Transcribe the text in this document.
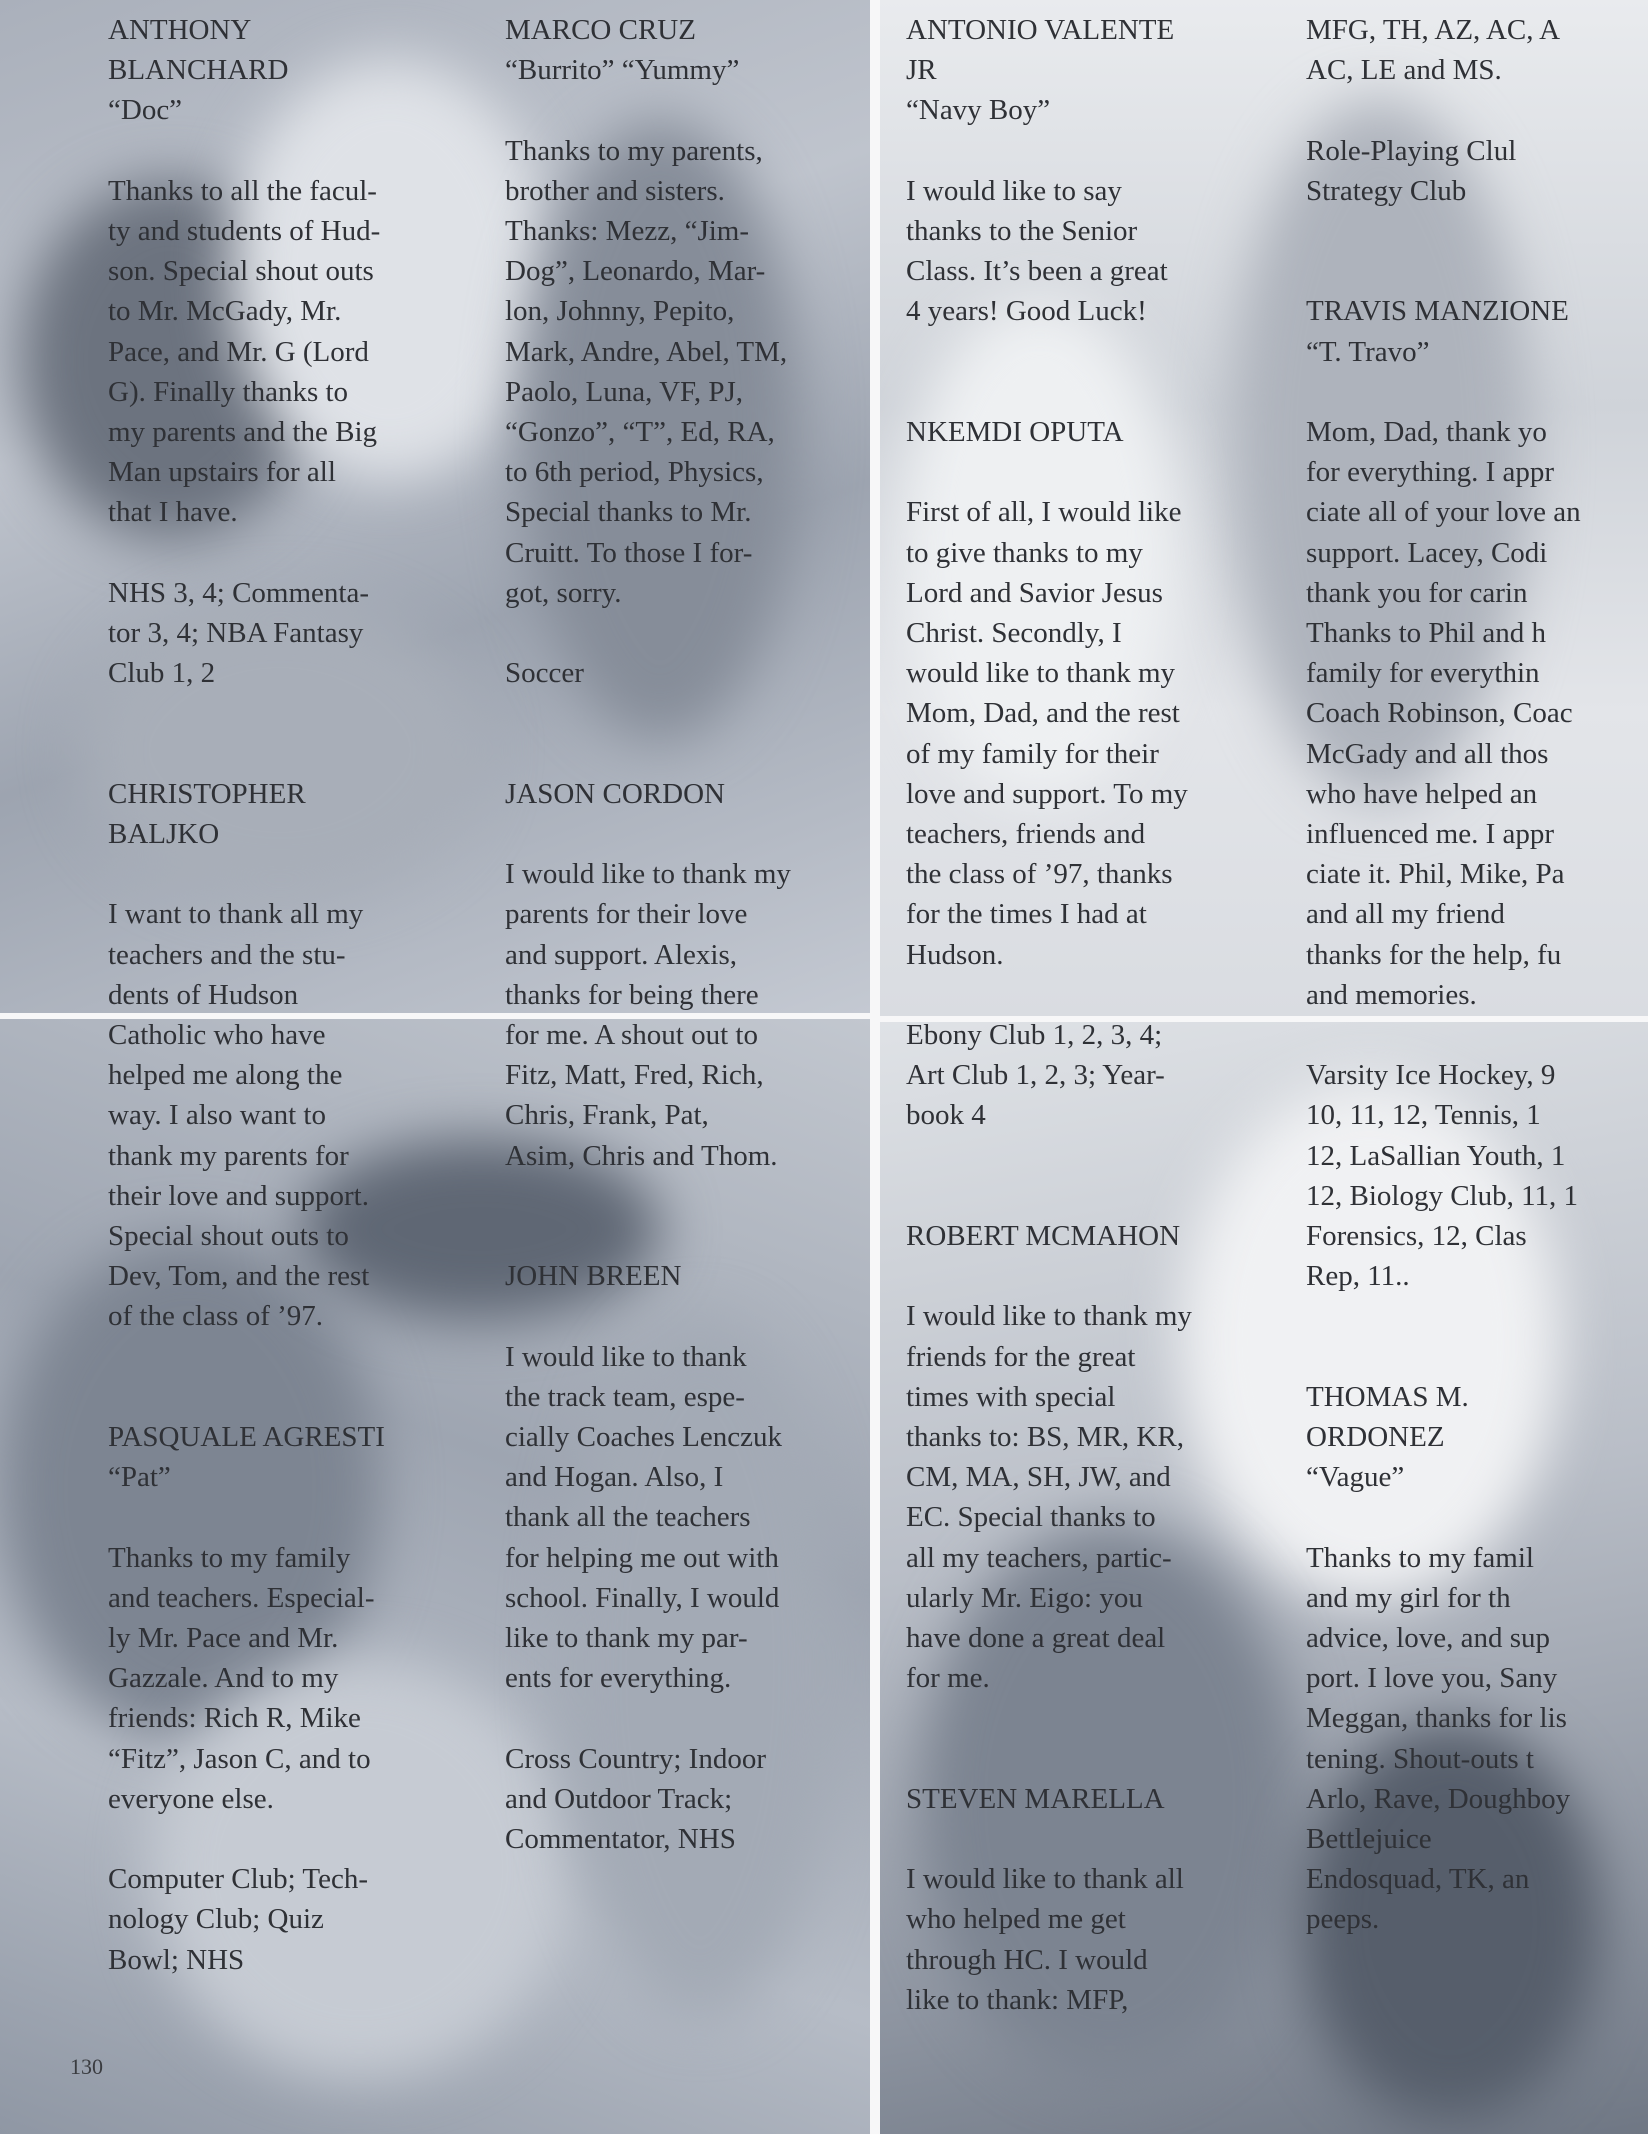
ANTHONY

BLANCHARD

“Doc”

Thanks to all the facul-

ty and students of Hud-

son. Special shout outs

to Mr. McGady, Mr.

Pace, and Mr. G (Lord

G). Finally thanks to

my parents and the Big

Man upstairs for all

that I have.

NHS 3, 4; Commenta-

tor 3, 4; NBA Fantasy

Club 1, 2

CHRISTOPHER

BALJKO

I want to thank all my

teachers and the stu-

dents of Hudson

Catholic who have

helped me along the

way. I also want to

thank my parents for

their love and support.

Special shout outs to

Dev, Tom, and the rest

of the class of ’97.

PASQUALE AGRESTI

“Pat”

Thanks to my family

and teachers. Especial-

ly Mr. Pace and Mr.

Gazzale. And to my

friends: Rich R, Mike

“Fitz”, Jason C, and to

everyone else.

Computer Club; Tech-

nology Club; Quiz

Bowl; NHS

MARCO CRUZ

“Burrito” “Yummy”

Thanks to my parents,

brother and sisters.

Thanks: Mezz, “Jim-

Dog”, Leonardo, Mar-

lon, Johnny, Pepito,

Mark, Andre, Abel, TM,

Paolo, Luna, VF, PJ,

“Gonzo”, “T”, Ed, RA,

to 6th period, Physics,

Special thanks to Mr.

Cruitt. To those I for-

got, sorry.

Soccer

JASON CORDON

I would like to thank my

parents for their love

and support. Alexis,

thanks for being there

for me. A shout out to

Fitz, Matt, Fred, Rich,

Chris, Frank, Pat,

Asim, Chris and Thom.

JOHN BREEN

I would like to thank

the track team, espe-

cially Coaches Lenczuk

and Hogan. Also, I

thank all the teachers

for helping me out with

school. Finally, I would

like to thank my par-

ents for everything.

Cross Country; Indoor

and Outdoor Track;

Commentator, NHS

ANTONIO VALENTE

JR

“Navy Boy”

I would like to say

thanks to the Senior

Class. It’s been a great

4 years! Good Luck!

NKEMDI OPUTA

First of all, I would like

to give thanks to my

Lord and Savior Jesus

Christ. Secondly, I

would like to thank my

Mom, Dad, and the rest

of my family for their

love and support. To my

teachers, friends and

the class of ’97, thanks

for the times I had at

Hudson.

Ebony Club 1, 2, 3, 4;

Art Club 1, 2, 3; Year-

book 4

ROBERT MCMAHON

I would like to thank my

friends for the great

times with special

thanks to: BS, MR, KR,

CM, MA, SH, JW, and

EC. Special thanks to

all my teachers, partic-

ularly Mr. Eigo: you

have done a great deal

for me.

STEVEN MARELLA

I would like to thank all

who helped me get

through HC. I would

like to thank: MFP,

MFG, TH, AZ, AC, A

AC, LE and MS.

Role-Playing Clul

Strategy Club

TRAVIS MANZIONE

“T. Travo”

Mom, Dad, thank yo

for everything. I appr

ciate all of your love an

support. Lacey, Codi

thank you for carin

Thanks to Phil and h

family for everythin

Coach Robinson, Coac

McGady and all thos

who have helped an

influenced me. I appr

ciate it. Phil, Mike, Pa

and all my friend

thanks for the help, fu

and memories.

Varsity Ice Hockey, 9

10, 11, 12, Tennis, 1

12, LaSallian Youth, 1

12, Biology Club, 11, 1

Forensics, 12, Clas

Rep, 11..

THOMAS M.

ORDONEZ

“Vague”

Thanks to my famil

and my girl for th

advice, love, and sup

port. I love you, Sany

Meggan, thanks for lis

tening. Shout-outs t

Arlo, Rave, Doughboy

Bettlejuice

Endosquad, TK, an

peeps.

130
